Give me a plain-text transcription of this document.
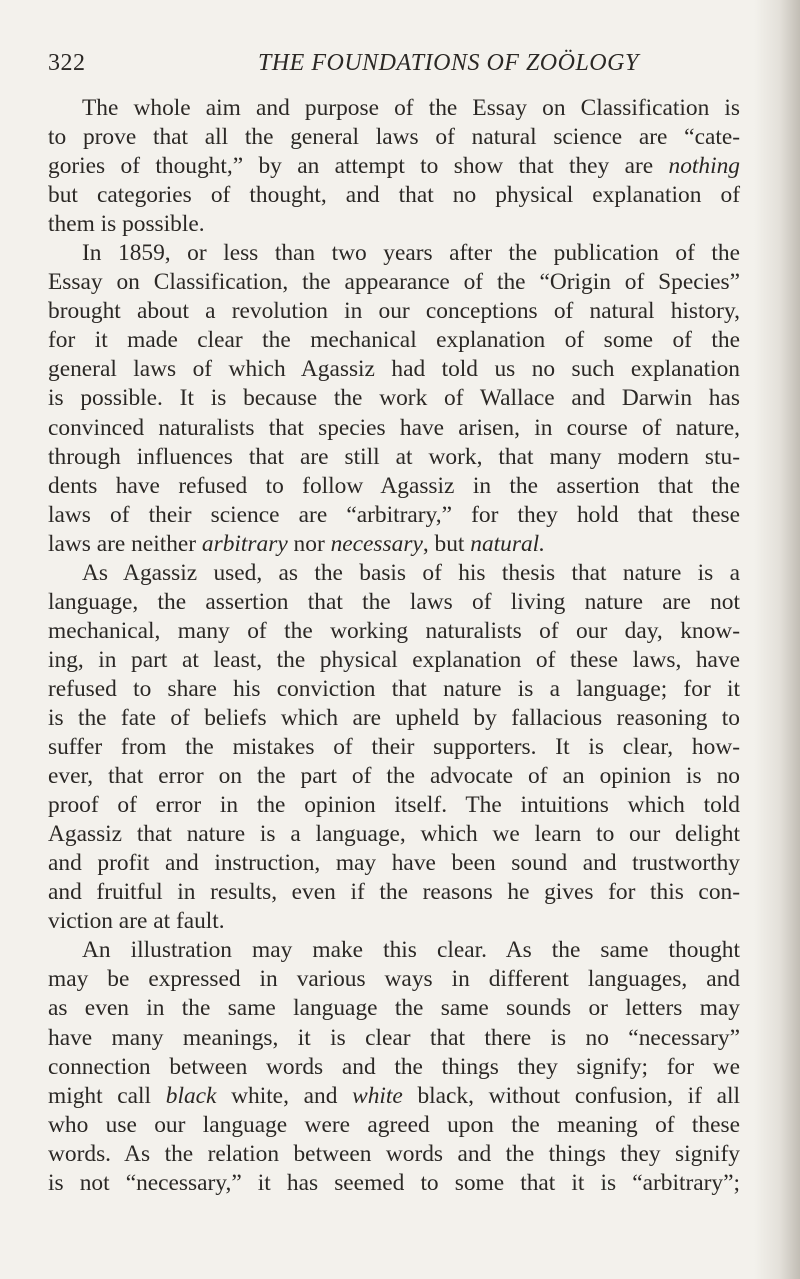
322	THE FOUNDATIONS OF ZOÖLOGY
The whole aim and purpose of the Essay on Classification is
to prove that all the general laws of natural science are “cate-
gories of thought,” by an attempt to show that they are nothing
but categories of thought, and that no physical explanation of
them is possible.
In 1859, or less than two years after the publication of the
Essay on Classification, the appearance of the “Origin of Species”
brought about a revolution in our conceptions of natural history,
for it made clear the mechanical explanation of some of the
general laws of which Agassiz had told us no such explanation
is possible. It is because the work of Wallace and Darwin has
convinced naturalists that species have arisen, in course of nature,
through influences that are still at work, that many modern stu-
dents have refused to follow Agassiz in the assertion that the
laws of their science are “arbitrary,” for they hold that these
laws are neither arbitrary nor necessary, but natural.
As Agassiz used, as the basis of his thesis that nature is a
language, the assertion that the laws of living nature are not
mechanical, many of the working naturalists of our day, know-
ing, in part at least, the physical explanation of these laws, have
refused to share his conviction that nature is a language; for it
is the fate of beliefs which are upheld by fallacious reasoning to
suffer from the mistakes of their supporters. It is clear, how-
ever, that error on the part of the advocate of an opinion is no
proof of error in the opinion itself. The intuitions which told
Agassiz that nature is a language, which we learn to our delight
and profit and instruction, may have been sound and trustworthy
and fruitful in results, even if the reasons he gives for this con-
viction are at fault.
An illustration may make this clear. As the same thought
may be expressed in various ways in different languages, and
as even in the same language the same sounds or letters may
have many meanings, it is clear that there is no “necessary”
connection between words and the things they signify; for we
might call black white, and white black, without confusion, if all
who use our language were agreed upon the meaning of these
words. As the relation between words and the things they signify
is not “necessary,” it has seemed to some that it is “arbitrary”;
